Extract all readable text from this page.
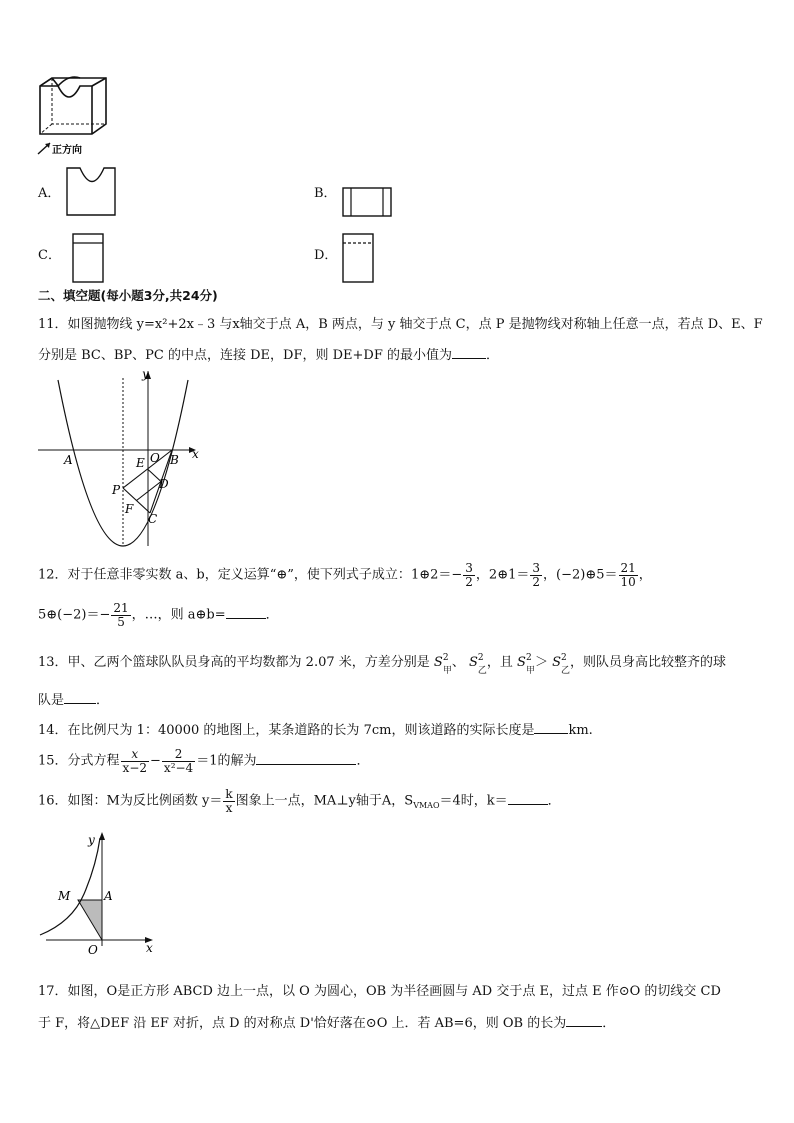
正方向
A．	B．
C．	D．
二、填空题(每小题3分,共24分)
11．如图抛物线 y=x²+2x﹣3 与x轴交于点 A，B 两点，与 y 轴交于点 C，点 P 是抛物线对称轴上任意一点，若点 D、E、F
分别是 BC、BP、PC 的中点，连接 DE，DF，则 DE+DF 的最小值为	．
y
x
A	O B
E
D
P
F
C
12．对于任意非零实数 a、b，定义运算“⊕”，使下列式子成立：1⊕2＝− $\frac{3}{2}$ ，2⊕1＝ $\frac{3}{2}$ ，(−2)⊕5＝ $\frac{21}{10}$ ，
5⊕(−2)＝− $\frac{21}{5}$ ，…，则 a⊕b=	．
13．甲、乙两个篮球队队员身高的平均数都为 2.07 米，方差分别是 S 2
甲
、 S 2
乙
，且 S 2
甲
＞ S 2
乙
，则队员身高比较整齐的球
队是 ．
14．在比例尺为 1：40000 的地图上，某条道路的长为 7cm，则该道路的实际长度是	km.
15．分式方程 $\frac{x}{x-2} - \frac{2}{\text{x²−4}} =1$的解为	．
16．如图：M为反比例函数 $y= \frac{k}{x}$ 图象上一点，MA⊥y轴于A，$S_{VMAO}=4$时，k＝	．
y
x
M	A
O
17．如图，O是正方形 ABCD 边上一点，以 O 为圆心，OB 为半径画圆与 AD 交于点 E，过点 E 作⊙O 的切线交 CD
于 F，将△DEF 沿 EF 对折，点 D 的对称点 D'恰好落在⊙O 上．若 AB=6，则 OB 的长为	．
